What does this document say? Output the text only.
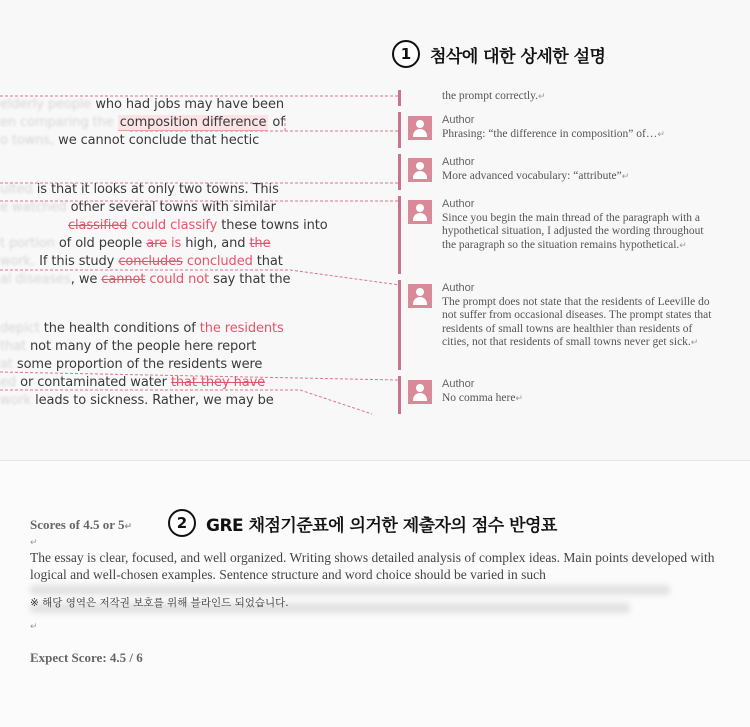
1	첨삭에 대한 상세한 설명
elderly people who had jobs may have been
en comparing the composition difference of
o towns, we cannot conclude that hectic
ulted is that it looks at only two towns. This
e watched other several towns with similar
classified could classify these towns into
t portion of old people are is high, and the
work. If this study concludes concluded that
al diseases, we cannot could not say that the
depict the health conditions of the residents
that not many of the people here report
at some proportion of the residents were
ed or contaminated water that they have
work leads to sickness. Rather, we may be
the prompt correctly.↵
Author
Phrasing: “the difference in composition” of…↵
Author
More advanced vocabulary: “attribute”↵
Author
Since you begin the main thread of the paragraph with a hypothetical situation, I adjusted the wording throughout the paragraph so the situation remains hypothetical.↵
Author
The prompt does not state that the residents of Leeville do not suffer from occasional diseases. The prompt states that residents of small towns are healthier than residents of cities, not that residents of small towns never get sick.↵
Author
No comma here↵
Scores of 4.5 or 5↵	2	GRE 채점기준표에 의거한 제출자의 점수 반영표
↵
The essay is clear, focused, and well organized. Writing shows detailed analysis of complex ideas. Main points developed with logical and well-chosen examples. Sentence structure and word choice should be varied in such
※ 해당 영역은 저작권 보호를 위해 블라인드 되었습니다.
↵
Expect Score: 4.5 / 6
